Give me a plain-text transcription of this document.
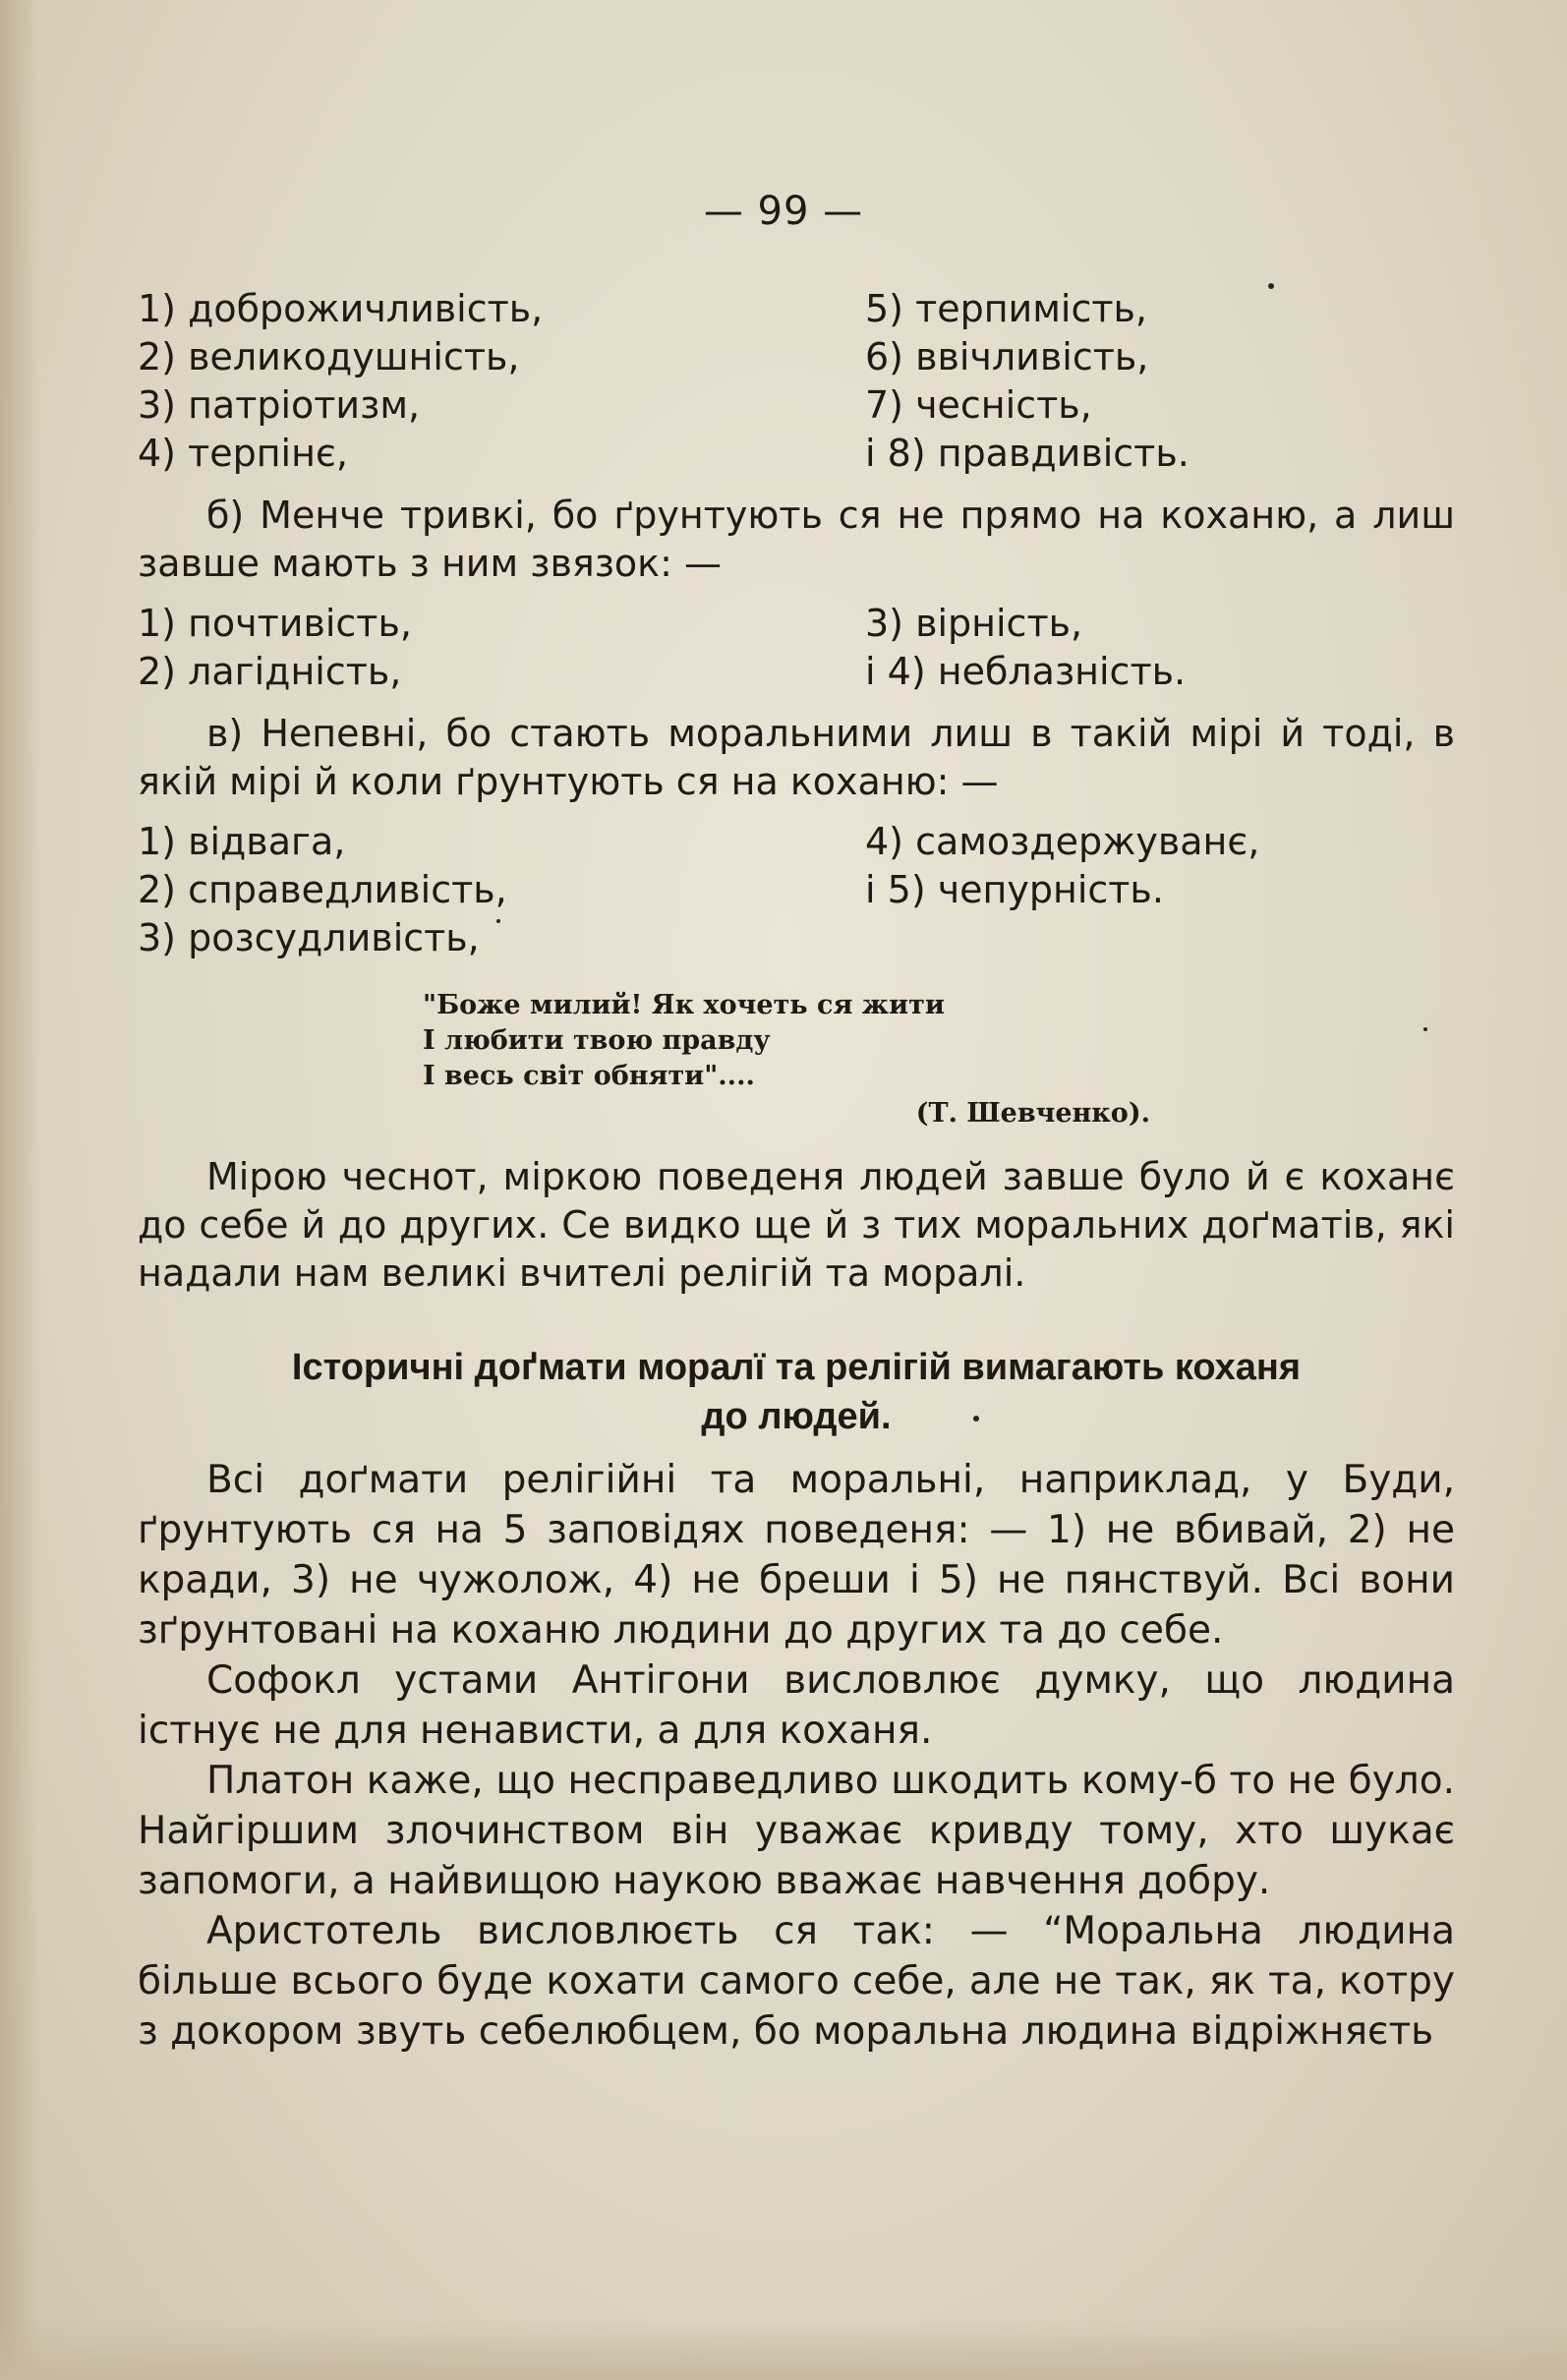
— 99 —
1) доброжичливість,
2) великодушніcть,
3) патріотизм,
4) терпінє,
5) терпимість,
6) ввічливість,
7) чесність,
і 8) правдивість.

б) Менче тривкі, бо ґрунтують ся не прямо на коханю, а лиш завше мають з ним звязок: —

1) почтивість,
2) лагідність,
3) вірність,
і 4) неблазність.

в) Непевні, бо стають моральними лиш в такій мірі й тоді, в якій мірі й коли ґрунтують ся на коханю: —

1) відвага,
2) справедливість,
3) розсудливість,
4) самоздержуванє,
і 5) чепурність.
"Боже милий! Як хочеть ся жити
І любити твою правду
І весь світ обняти"....
(Т. Шевченко).

Мірою чеснот, міркою поведеня людей завше було й є коханє до себе й до других. Се видко ще й з тих моральних доґматів, які надали нам великі вчителі релігій та моралі.

Історичні доґмати моралї та релігій вимагають коханя
до людей.

Всі доґмати релігійні та моральні, наприклад, у Буди, ґрунтують ся на 5 заповідях поведеня: — 1) не вбивай, 2) не кради, 3) не чужолож, 4) не бреши і 5) не пянствуй. Всі вони зґрунтовані на коханю людини до других та до себе.

Софокл устами Антігони висловлює думку, що людина істнує не для ненависти, а для коханя.

Платон каже, що несправедливо шкодить кому-б то не було. Найгіршим злочинством він уважає кривду тому, хто шукає запомоги, а найвищою наукою вважає навчення добру.

Аристотель висловлюєть ся так: — “Моральна людина більше всього буде кохати самого себе, але не так, як та, котру з докором звуть себелюбцем, бо моральна людина відріжняєть
